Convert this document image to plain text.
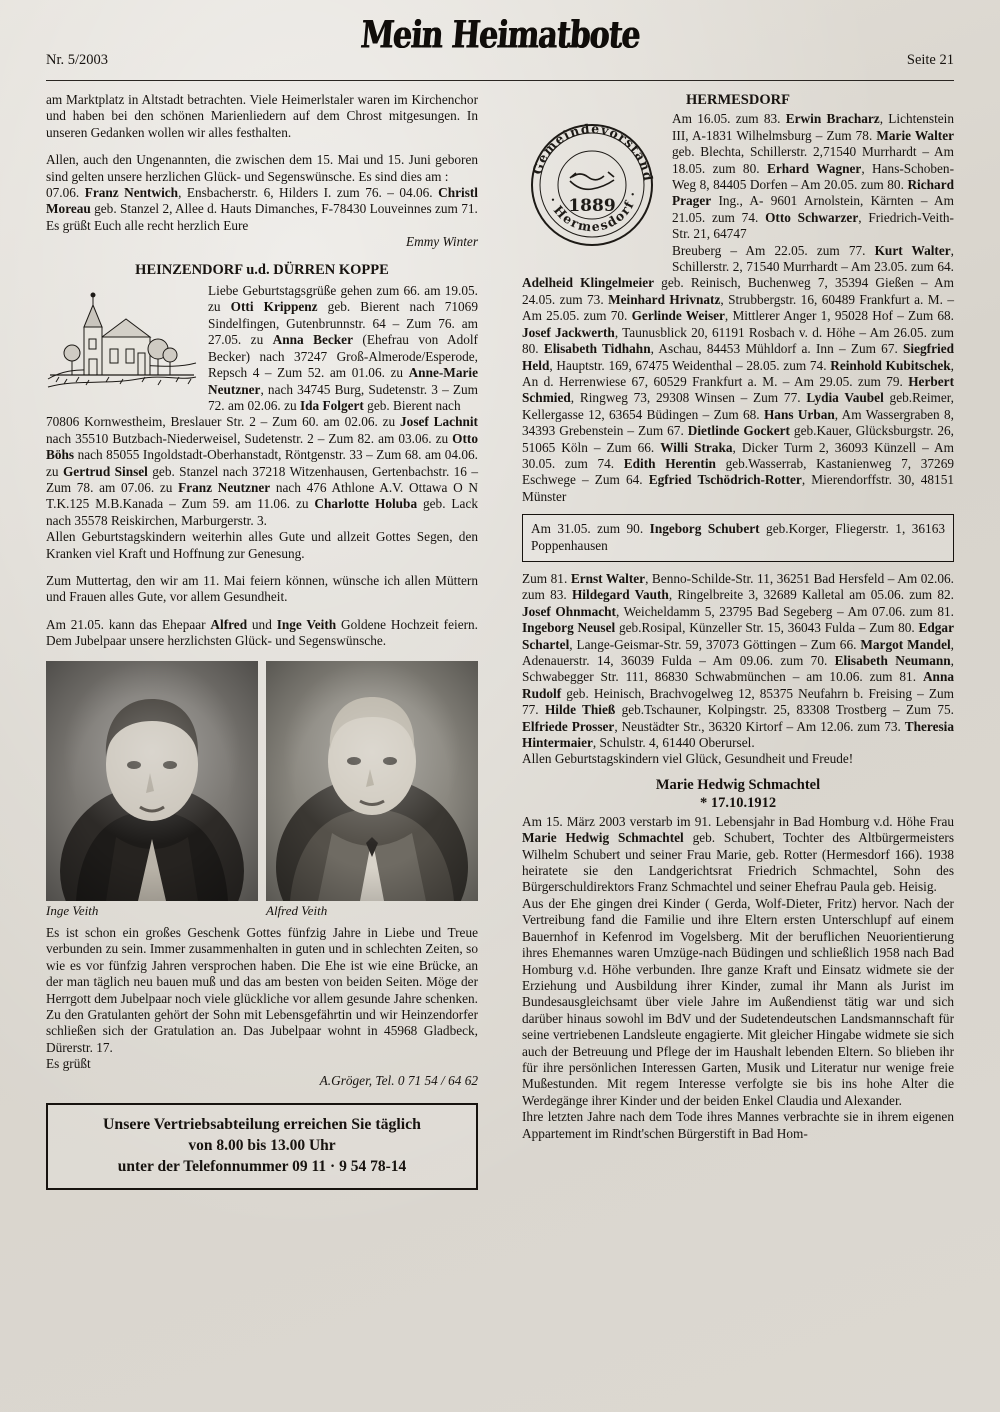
Mein Heimatbote
Seite 21
Nr. 5/2003

am Marktplatz in Altstadt betrachten. Viele Heimerlstaler waren im Kirchenchor und haben bei den schönen Marienliedern auf dem Chrost mitgesungen. In unseren Gedanken wollen wir alles festhalten.

Allen, auch den Ungenannten, die zwischen dem 15. Mai und 15. Juni geboren sind gelten unsere herzlichen Glück- und Segenswünsche. Es sind dies am :

07.06. Franz Nentwich, Ensbacherstr. 6, Hilders I. zum 76. – 04.06. Christl Moreau geb. Stanzel 2, Allee d. Hauts Dimanches, F-78430 Louveinnes zum 71.

Es grüßt Euch alle recht herzlich Eure

Emmy Winter

HEINZENDORF u.d. DÜRREN KOPPE

Liebe Geburtstagsgrüße gehen zum 66. am 19.05. zu Otti Krippenz geb. Bierent nach 71069 Sindelfingen, Gutenbrunnstr. 64 – Zum 76. am 27.05. zu Anna Becker (Ehefrau von Adolf Becker) nach 37247 Groß-Almerode/Esperode, Repsch 4 – Zum 52. am 01.06. zu Anne-Marie Neutzner, nach 34745 Burg, Sudetenstr. 3 – Zum 72. am 02.06. zu Ida Folgert geb. Bierent nach

70806 Kornwestheim, Breslauer Str. 2 – Zum 60. am 02.06. zu Josef Lachnit nach 35510 Butzbach-Niederweisel, Sudetenstr. 2 – Zum 82. am 03.06. zu Otto Böhs nach 85055 Ingoldstadt-Oberhanstadt, Röntgenstr. 33 – Zum 68. am 04.06. zu Gertrud Sinsel geb. Stanzel nach 37218 Witzenhausen, Gertenbachstr. 16 – Zum 78. am 07.06. zu Franz Neutzner nach 476 Athlone A.V. Ottawa O N T.K.125 M.B.Kanada – Zum 59. am 11.06. zu Charlotte Holuba geb. Lack nach 35578 Reiskirchen, Marburgerstr. 3.

Allen Geburtstagskindern weiterhin alles Gute und allzeit Gottes Segen, den Kranken viel Kraft und Hoffnung zur Genesung.

Zum Muttertag, den wir am 11. Mai feiern können, wünsche ich allen Müttern und Frauen alles Gute, vor allem Gesundheit.

Am 21.05. kann das Ehepaar Alfred und Inge Veith Goldene Hochzeit feiern. Dem Jubelpaar unsere herzlichsten Glück- und Segenswünsche.

Inge Veith	Alfred Veith

Es ist schon ein großes Geschenk Gottes fünfzig Jahre in Liebe und Treue verbunden zu sein. Immer zusammenhalten in guten und in schlechten Zeiten, so wie es vor fünfzig Jahren versprochen haben. Die Ehe ist wie eine Brücke, an der man täglich neu bauen muß und das am besten von beiden Seiten. Möge der Herrgott dem Jubelpaar noch viele glückliche vor allem gesunde Jahre schenken. Zu den Gratulanten gehört der Sohn mit Lebensgefährtin und wir Heinzendorfer schließen sich der Gratulation an. Das Jubelpaar wohnt in 45968 Gladbeck, Dürerstr. 17.

Es grüßt

A.Gröger, Tel. 0 71 54 / 64 62

Unsere Vertriebsabteilung erreichen Sie täglich
von 8.00 bis 13.00 Uhr
unter der Telefonnummer 09 11 · 9 54 78-14

HERMESDORF

Gemeindevorstand
· Hermesdorf ·
1889

Am 16.05. zum 83. Erwin Bracharz, Lichtenstein III, A-1831 Wilhelmsburg – Zum 78. Marie Walter geb. Blechta, Schillerstr. 2,71540 Murrhardt – Am 18.05. zum 80. Erhard Wagner, Hans-Schoben-Weg 8, 84405 Dorfen – Am 20.05. zum 80. Richard Prager Ing., A- 9601 Arnolstein, Kärnten – Am 21.05. zum 74. Otto Schwarzer, Friedrich-Veith-Str. 21, 64747

Breuberg – Am 22.05. zum 77. Kurt Walter, Schillerstr. 2, 71540 Murrhardt – Am 23.05. zum 64. Adelheid Klingelmeier geb. Reinisch, Buchenweg 7, 35394 Gießen – Am 24.05. zum 73. Meinhard Hrivnatz, Strubbergstr. 16, 60489 Frankfurt a. M. – Am 25.05. zum 70. Gerlinde Weiser, Mittlerer Anger 1, 95028 Hof – Zum 68. Josef Jackwerth, Taunusblick 20, 61191 Rosbach v. d. Höhe – Am 26.05. zum 80. Elisabeth Tidhahn, Aschau, 84453 Mühldorf a. Inn – Zum 67. Siegfried Held, Hauptstr. 169, 67475 Weidenthal – 28.05. zum 74. Reinhold Kubitschek, An d. Herrenwiese 67, 60529 Frankfurt a. M. – Am 29.05. zum 79. Herbert Schmied, Ringweg 73, 29308 Winsen – Zum 77. Lydia Vaubel geb.Reimer, Kellergasse 12, 63654 Büdingen – Zum 68. Hans Urban, Am Wassergraben 8, 34393 Grebenstein – Zum 67. Dietlinde Gockert geb.Kauer, Glücksburgstr. 26, 51065 Köln – Zum 66. Willi Straka, Dicker Turm 2, 36093 Künzell – Am 30.05. zum 74. Edith Herentin geb.Wasserrab, Kastanienweg 7, 37269 Eschwege – Zum 64. Egfried Tschödrich-Rotter, Mierendorffstr. 30, 48151 Münster

Am 31.05. zum 90. Ingeborg Schubert geb.Korger, Fliegerstr. 1, 36163 Poppenhausen

Zum 81. Ernst Walter, Benno-Schilde-Str. 11, 36251 Bad Hersfeld – Am 02.06. zum 83. Hildegard Vauth, Ringelbreite 3, 32689 Kalletal am 05.06. zum 82. Josef Ohnmacht, Weicheldamm 5, 23795 Bad Segeberg – Am 07.06. zum 81. Ingeborg Neusel geb.Rosipal, Künzeller Str. 15, 36043 Fulda – Zum 80. Edgar Schartel, Lange-Geismar-Str. 59, 37073 Göttingen – Zum 66. Margot Mandel, Adenauerstr. 14, 36039 Fulda – Am 09.06. zum 70. Elisabeth Neumann, Schwabegger Str. 111, 86830 Schwabmünchen – am 10.06. zum 81. Anna Rudolf geb. Heinisch, Brachvogelweg 12, 85375 Neufahrn b. Freising – Zum 77. Hilde Thieß geb.Tschauner, Kolpingstr. 25, 83308 Trostberg – Zum 75. Elfriede Prosser, Neustädter Str., 36320 Kirtorf – Am 12.06. zum 73. Theresia Hintermaier, Schulstr. 4, 61440 Oberursel.

Allen Geburtstagskindern viel Glück, Gesundheit und Freude!

Marie Hedwig Schmachtel
* 17.10.1912

Am 15. März 2003 verstarb im 91. Lebensjahr in Bad Homburg v.d. Höhe Frau Marie Hedwig Schmachtel geb. Schubert, Tochter des Altbürgermeisters Wilhelm Schubert und seiner Frau Marie, geb. Rotter (Hermesdorf 166). 1938 heiratete sie den Landgerichtsrat Friedrich Schmachtel, Sohn des Bürgerschuldirektors Franz Schmachtel und seiner Ehefrau Paula geb. Heisig.

Aus der Ehe gingen drei Kinder ( Gerda, Wolf-Dieter, Fritz) hervor. Nach der Vertreibung fand die Familie und ihre Eltern ersten Unterschlupf auf einem Bauernhof in Kefenrod im Vogelsberg. Mit der beruflichen Neuorientierung ihres Ehemannes waren Umzüge-nach Büdingen und schließlich 1958 nach Bad Homburg v.d. Höhe verbunden. Ihre ganze Kraft und Einsatz widmete sie der Erziehung und Ausbildung ihrer Kinder, zumal ihr Mann als Jurist im Bundesausgleichsamt über viele Jahre im Außendienst tätig war und sich darüber hinaus sowohl im BdV und der Sudetendeutschen Landsmannschaft für seine vertriebenen Landsleute engagierte. Mit gleicher Hingabe widmete sie sich auch der Betreuung und Pflege der im Haushalt lebenden Eltern. So blieben ihr für ihre persönlichen Interessen Garten, Musik und Literatur nur wenige freie Mußestunden. Mit regem Interesse verfolgte sie bis ins hohe Alter die Werdegänge ihrer Kinder und der beiden Enkel Claudia und Alexander.

Ihre letzten Jahre nach dem Tode ihres Mannes verbrachte sie in ihrem eigenen Appartement im Rindt'schen Bürgerstift in Bad Hom-
